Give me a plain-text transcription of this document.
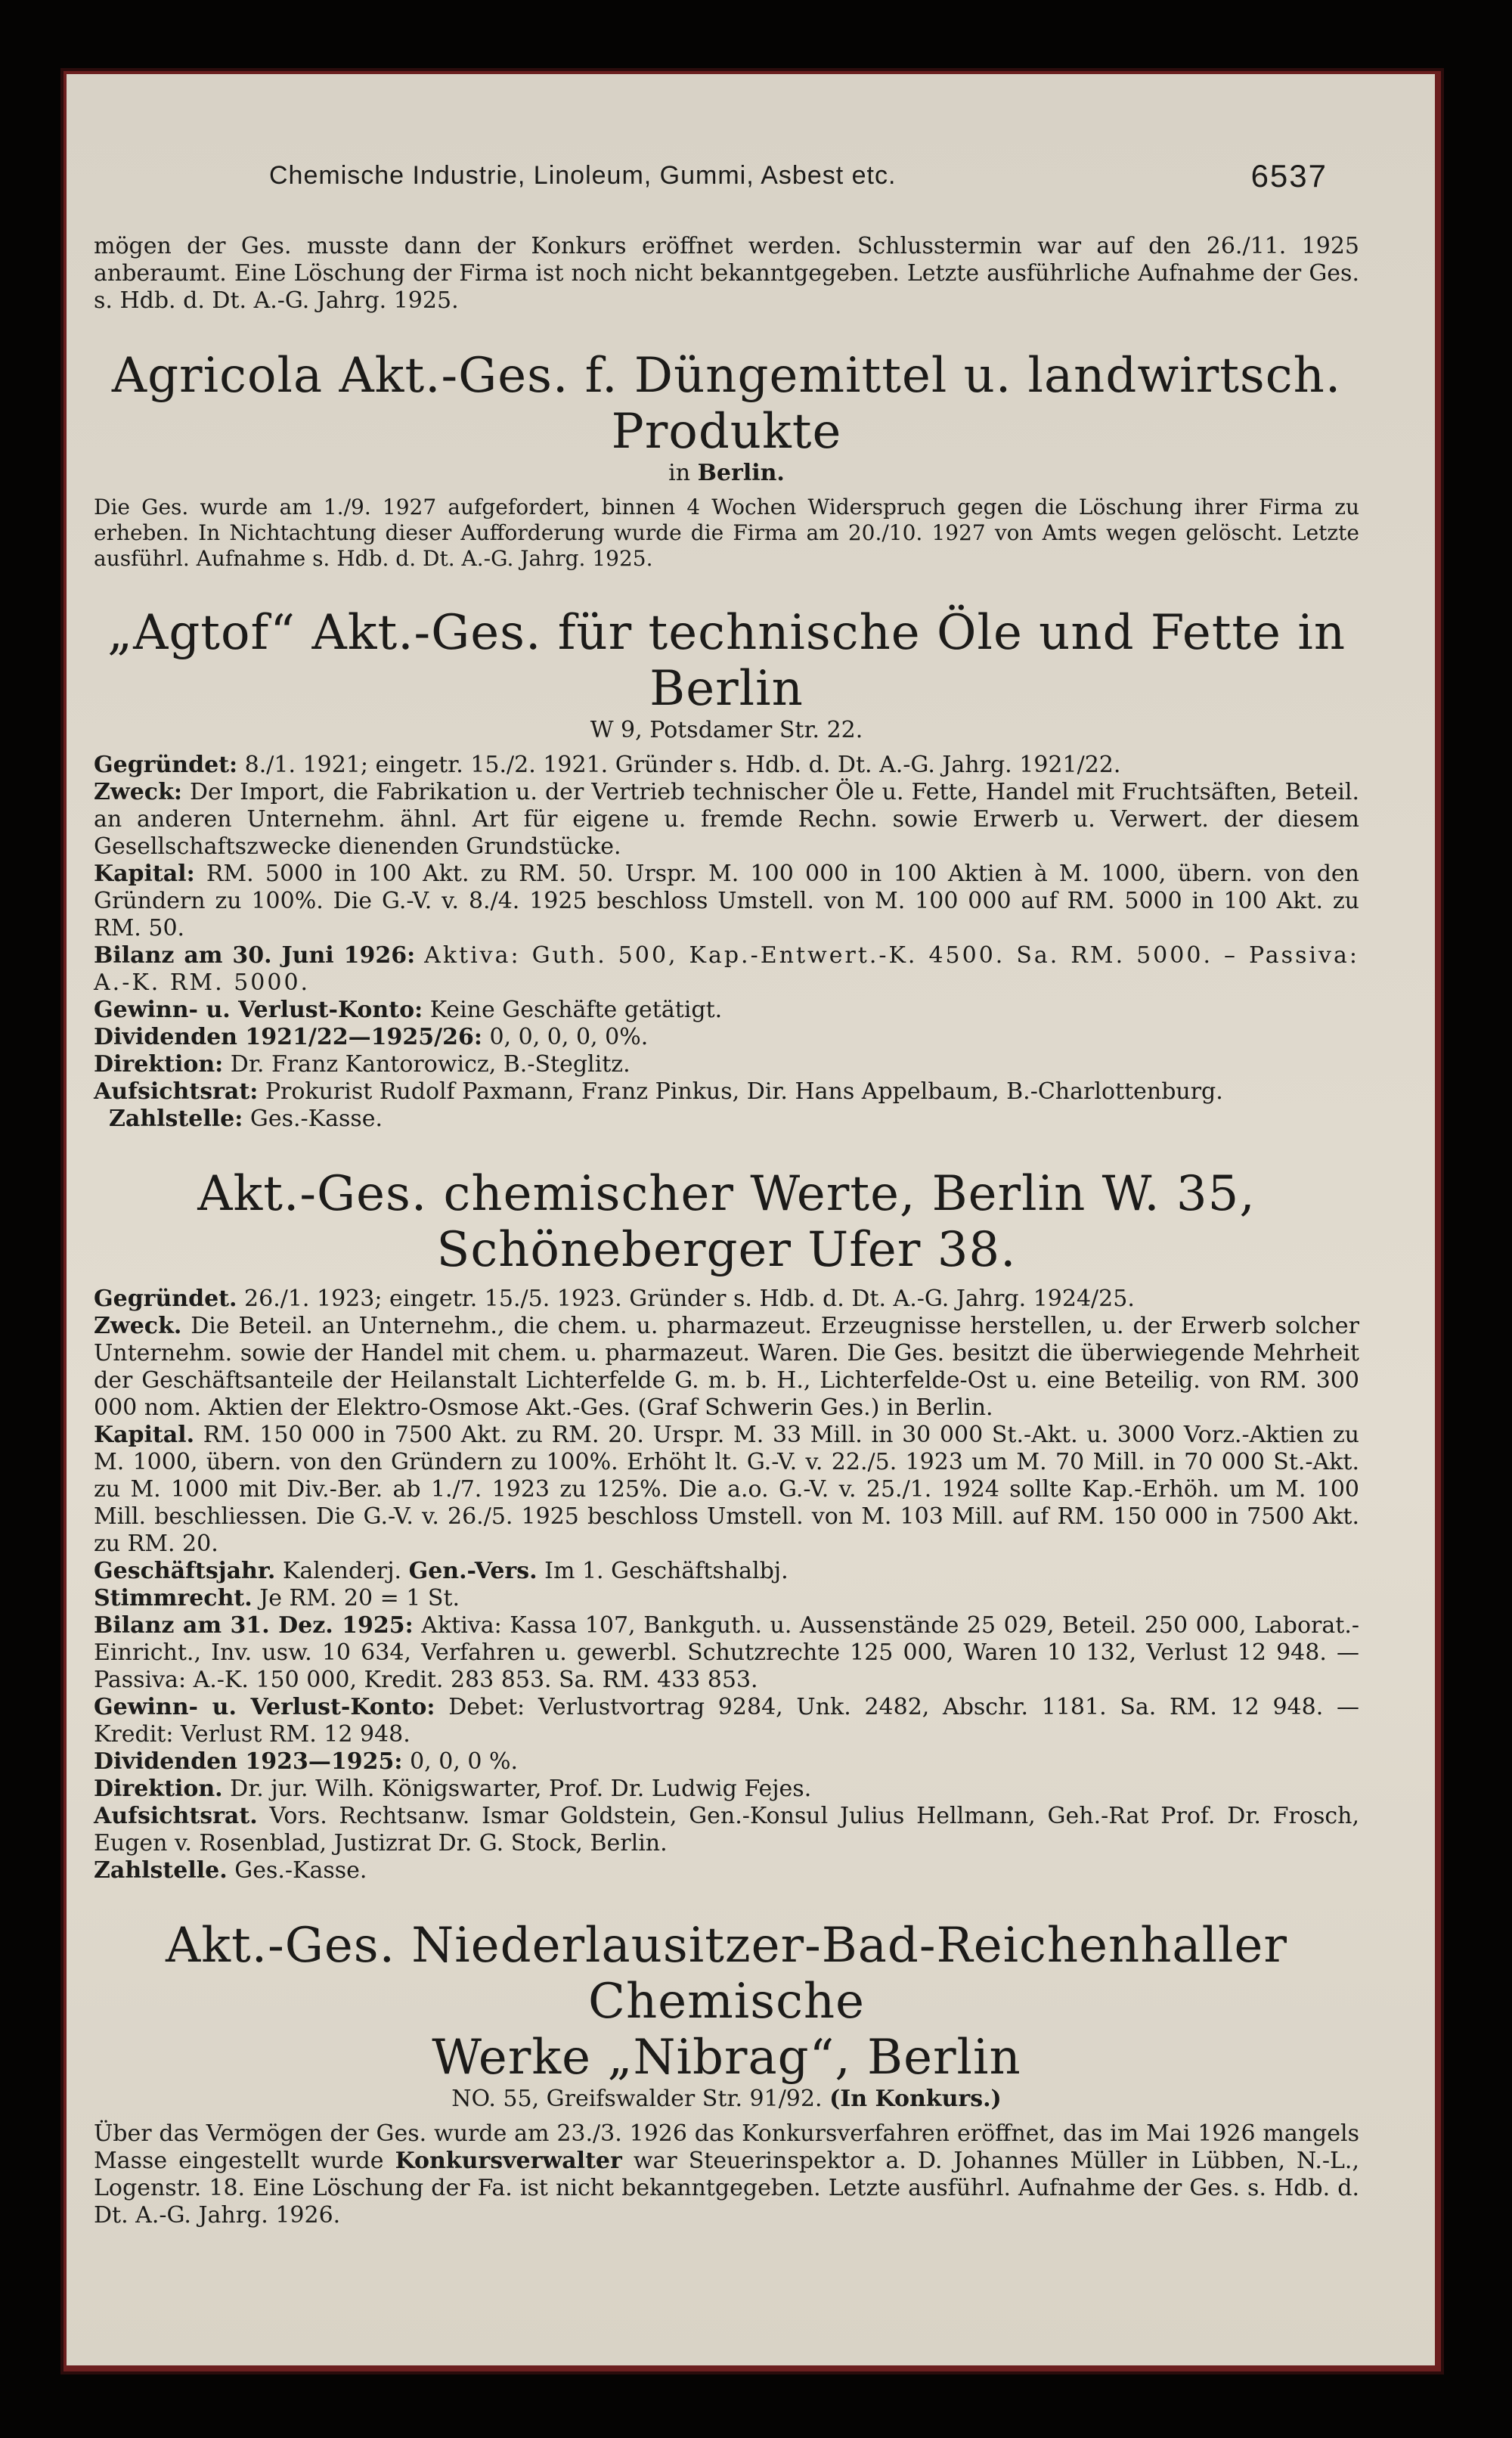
Chemische Industrie, Linoleum, Gummi, Asbest etc.	6537

mögen der Ges. musste dann der Konkurs eröffnet werden. Schlusstermin war auf den 26./11. 1925 anberaumt. Eine Löschung der Firma ist noch nicht bekanntgegeben. Letzte ausführliche Aufnahme der Ges. s. Hdb. d. Dt. A.-G. Jahrg. 1925.

Agricola Akt.-Ges. f. Düngemittel u. landwirtsch. Produkte
in Berlin.

Die Ges. wurde am 1./9. 1927 aufgefordert, binnen 4 Wochen Widerspruch gegen die Löschung ihrer Firma zu erheben. In Nichtachtung dieser Aufforderung wurde die Firma am 20./10. 1927 von Amts wegen gelöscht. Letzte ausführl. Aufnahme s. Hdb. d. Dt. A.-G. Jahrg. 1925.

„Agtof“ Akt.-Ges. für technische Öle und Fette in Berlin
W 9, Potsdamer Str. 22.

Gegründet: 8./1. 1921; eingetr. 15./2. 1921. Gründer s. Hdb. d. Dt. A.-G. Jahrg. 1921/22.

Zweck: Der Import, die Fabrikation u. der Vertrieb technischer Öle u. Fette, Handel mit Fruchtsäften, Beteil. an anderen Unternehm. ähnl. Art für eigene u. fremde Rechn. sowie Erwerb u. Verwert. der diesem Gesellschaftszwecke dienenden Grundstücke.

Kapital: RM. 5000 in 100 Akt. zu RM. 50. Urspr. M. 100 000 in 100 Aktien à M. 1000, übern. von den Gründern zu 100%. Die G.-V. v. 8./4. 1925 beschloss Umstell. von M. 100 000 auf RM. 5000 in 100 Akt. zu RM. 50.

Bilanz am 30. Juni 1926: Aktiva: Guth. 500, Kap.-Entwert.-K. 4500. Sa. RM. 5000. – Passiva: A.-K. RM. 5000.

Gewinn- u. Verlust-Konto: Keine Geschäfte getätigt.

Dividenden 1921/22—1925/26: 0, 0, 0, 0, 0%.

Direktion: Dr. Franz Kantorowicz, B.-Steglitz.

Aufsichtsrat: Prokurist Rudolf Paxmann, Franz Pinkus, Dir. Hans Appelbaum, B.-Charlottenburg.

Zahlstelle: Ges.-Kasse.

Akt.-Ges. chemischer Werte, Berlin W. 35, Schöneberger Ufer 38.

Gegründet. 26./1. 1923; eingetr. 15./5. 1923. Gründer s. Hdb. d. Dt. A.-G. Jahrg. 1924/25.

Zweck. Die Beteil. an Unternehm., die chem. u. pharmazeut. Erzeugnisse herstellen, u. der Erwerb solcher Unternehm. sowie der Handel mit chem. u. pharmazeut. Waren. Die Ges. besitzt die überwiegende Mehrheit der Geschäftsanteile der Heilanstalt Lichterfelde G. m. b. H., Lichterfelde-Ost u. eine Beteilig. von RM. 300 000 nom. Aktien der Elektro-Osmose Akt.-Ges. (Graf Schwerin Ges.) in Berlin.

Kapital. RM. 150 000 in 7500 Akt. zu RM. 20. Urspr. M. 33 Mill. in 30 000 St.-Akt. u. 3000 Vorz.-Aktien zu M. 1000, übern. von den Gründern zu 100%. Erhöht lt. G.-V. v. 22./5. 1923 um M. 70 Mill. in 70 000 St.-Akt. zu M. 1000 mit Div.-Ber. ab 1./7. 1923 zu 125%. Die a.o. G.-V. v. 25./1. 1924 sollte Kap.-Erhöh. um M. 100 Mill. beschliessen. Die G.-V. v. 26./5. 1925 beschloss Umstell. von M. 103 Mill. auf RM. 150 000 in 7500 Akt. zu RM. 20.

Geschäftsjahr. Kalenderj. Gen.-Vers. Im 1. Geschäftshalbj.

Stimmrecht. Je RM. 20 = 1 St.

Bilanz am 31. Dez. 1925: Aktiva: Kassa 107, Bankguth. u. Aussenstände 25 029, Beteil. 250 000, Laborat.-Einricht., Inv. usw. 10 634, Verfahren u. gewerbl. Schutzrechte 125 000, Waren 10 132, Verlust 12 948. — Passiva: A.-K. 150 000, Kredit. 283 853. Sa. RM. 433 853.

Gewinn- u. Verlust-Konto: Debet: Verlustvortrag 9284, Unk. 2482, Abschr. 1181. Sa. RM. 12 948. — Kredit: Verlust RM. 12 948.

Dividenden 1923—1925: 0, 0, 0 %.

Direktion. Dr. jur. Wilh. Königswarter, Prof. Dr. Ludwig Fejes.

Aufsichtsrat. Vors. Rechtsanw. Ismar Goldstein, Gen.-Konsul Julius Hellmann, Geh.-Rat Prof. Dr. Frosch, Eugen v. Rosenblad, Justizrat Dr. G. Stock, Berlin.

Zahlstelle. Ges.-Kasse.

Akt.-Ges. Niederlausitzer-Bad-Reichenhaller Chemische
Werke „Nibrag“, Berlin
NO. 55, Greifswalder Str. 91/92. (In Konkurs.)

Über das Vermögen der Ges. wurde am 23./3. 1926 das Konkursverfahren eröffnet, das im Mai 1926 mangels Masse eingestellt wurde Konkursverwalter war Steuerinspektor a. D. Johannes Müller in Lübben, N.-L., Logenstr. 18. Eine Löschung der Fa. ist nicht bekanntgegeben. Letzte ausführl. Aufnahme der Ges. s. Hdb. d. Dt. A.-G. Jahrg. 1926.
